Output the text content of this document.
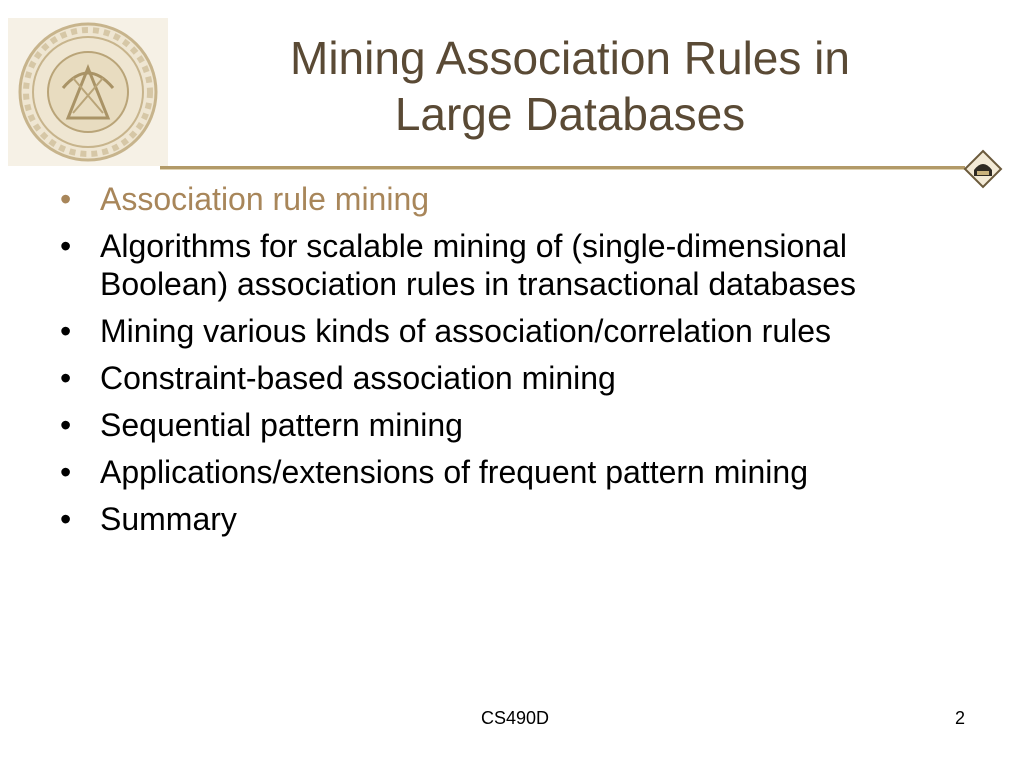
Mining Association Rules in
Large Databases
• Association rule mining
• Algorithms for scalable mining of (single-dimensional Boolean) association rules in transactional databases
• Mining various kinds of association/correlation rules
• Constraint-based association mining
• Sequential pattern mining
• Applications/extensions of frequent pattern mining
• Summary
CS490D	2
